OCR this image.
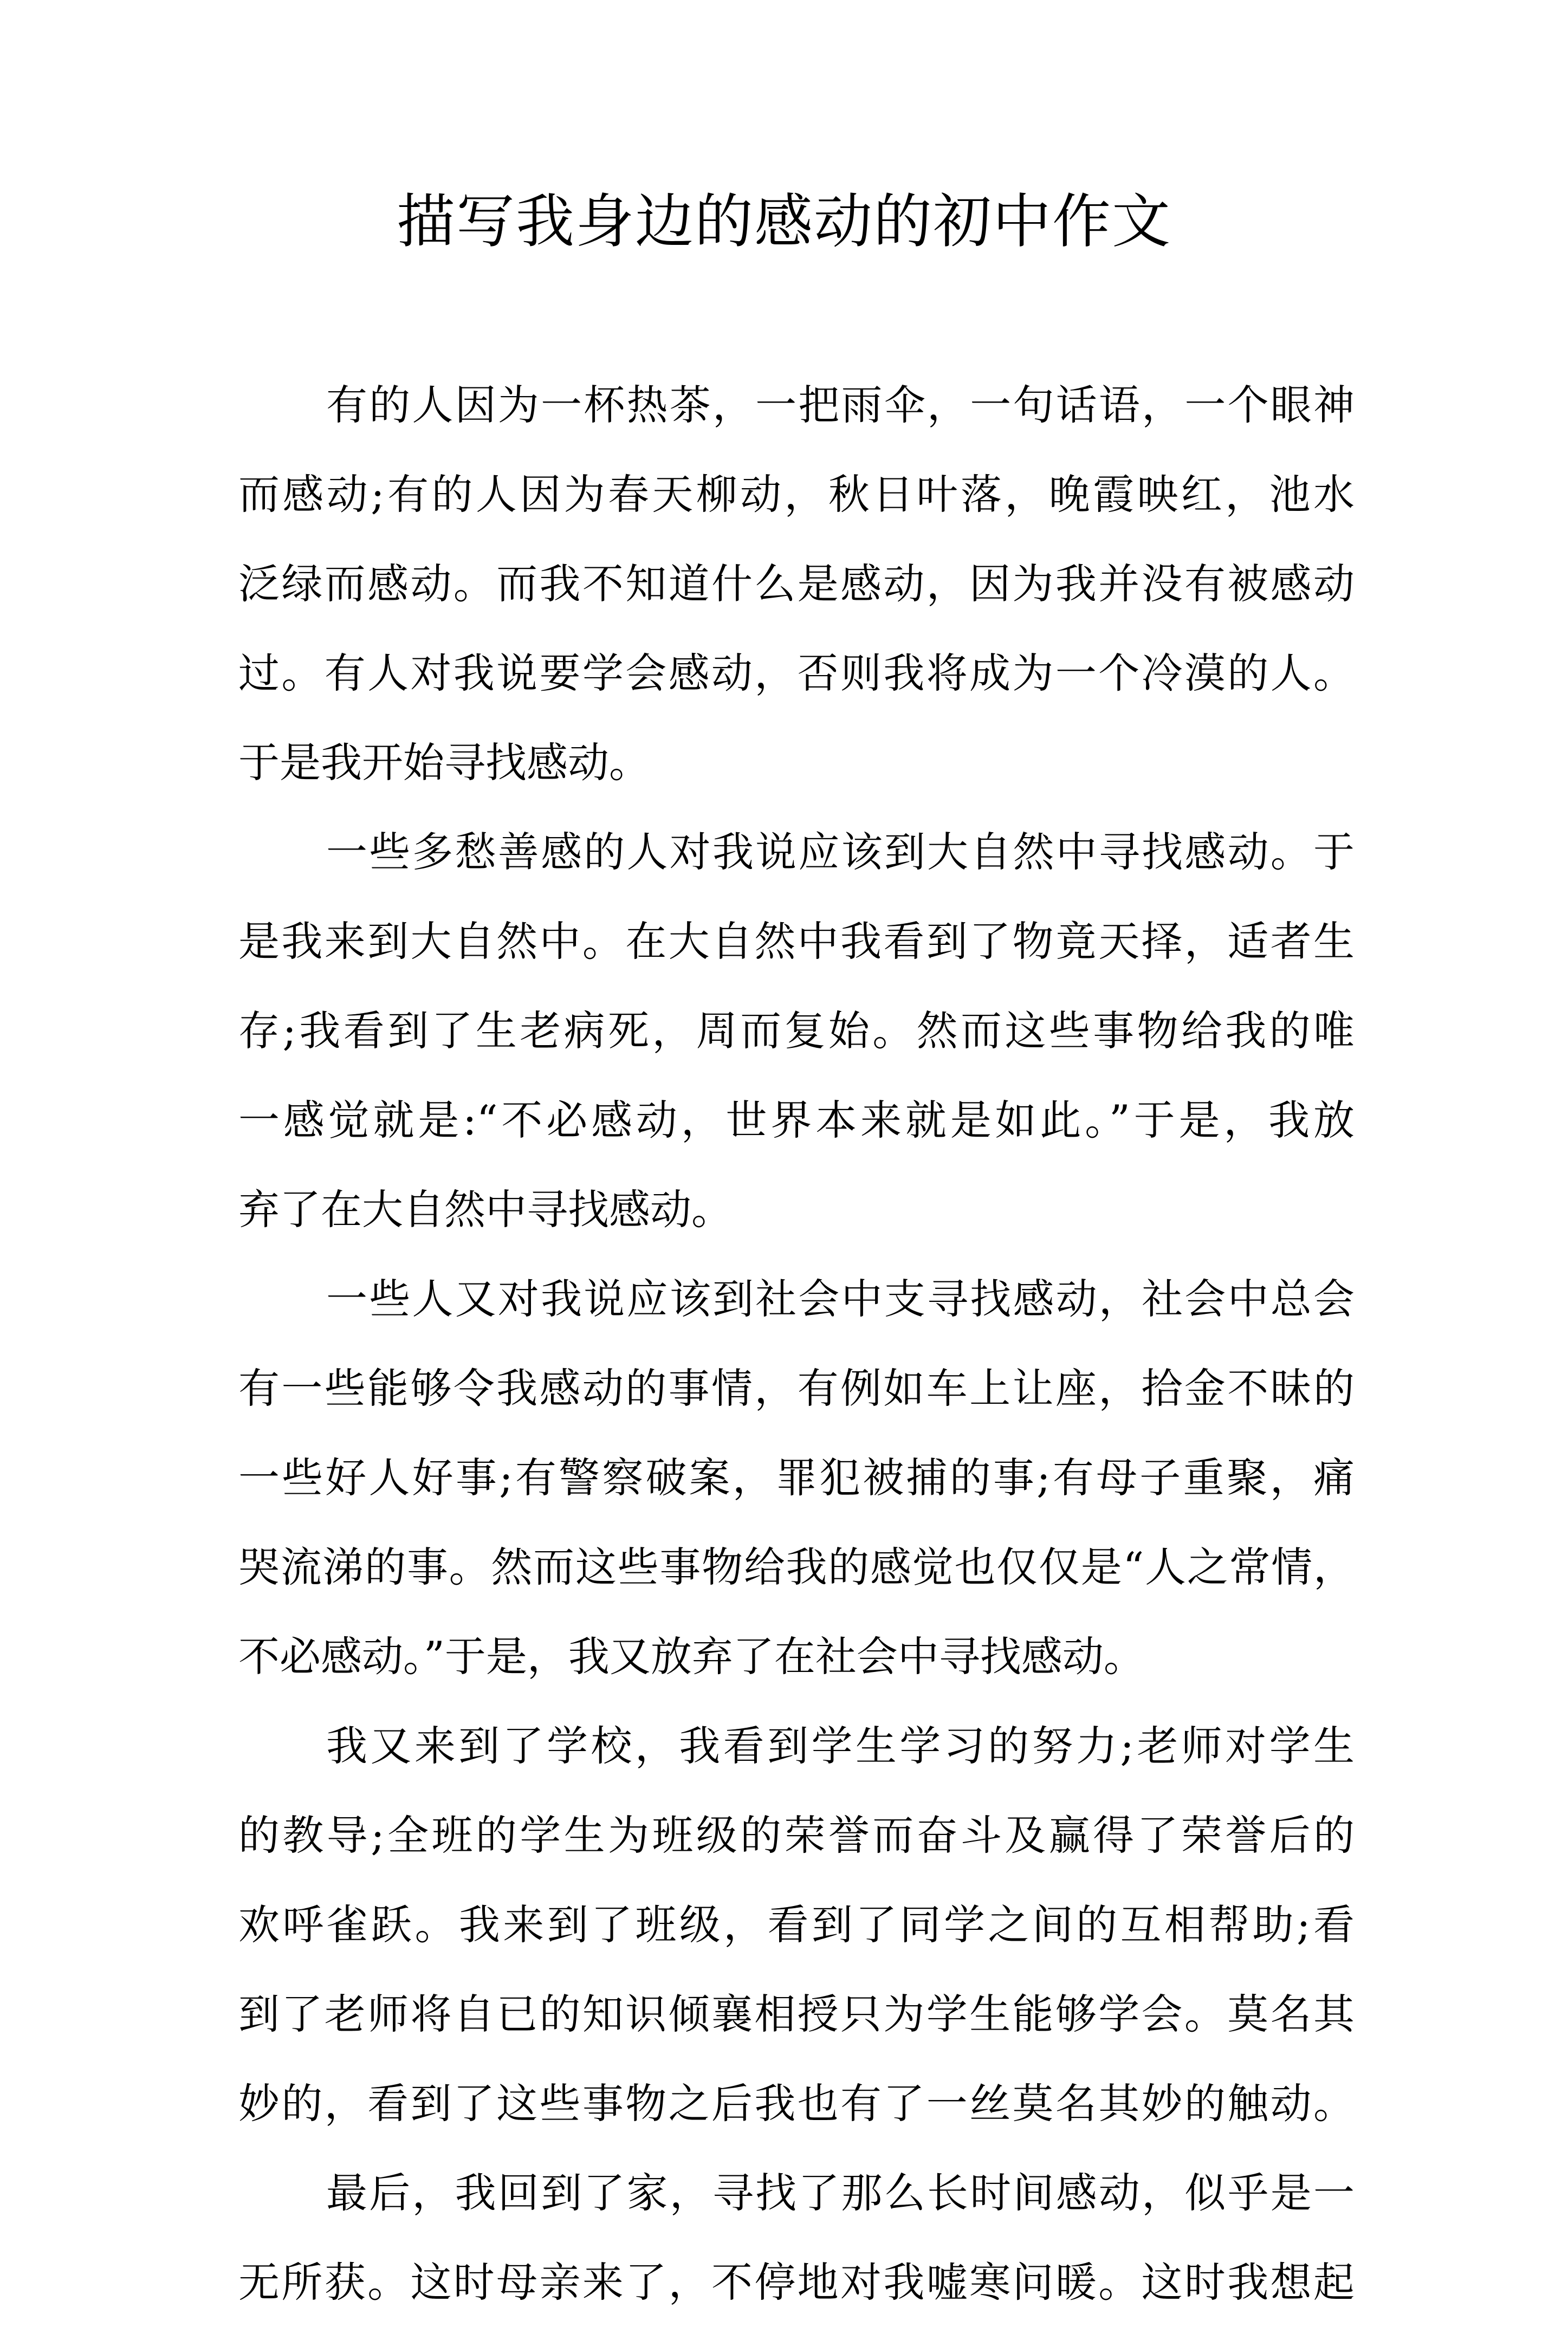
描写我身边的感动的初中作文
有的人因为一杯热茶，一把雨伞，一句话语，一个眼神
而感动;有的人因为春天柳动，秋日叶落，晚霞映红，池水
泛绿而感动。而我不知道什么是感动，因为我并没有被感动
过。有人对我说要学会感动，否则我将成为一个冷漠的人。
于是我开始寻找感动。
一些多愁善感的人对我说应该到大自然中寻找感动。于
是我来到大自然中。在大自然中我看到了物竟天择，适者生
存;我看到了生老病死，周而复始。然而这些事物给我的唯
一感觉就是:“不必感动，世界本来就是如此。”于是，我放
弃了在大自然中寻找感动。
一些人又对我说应该到社会中支寻找感动，社会中总会
有一些能够令我感动的事情，有例如车上让座，拾金不昧的
一些好人好事;有警察破案，罪犯被捕的事;有母子重聚，痛
哭流涕的事。然而这些事物给我的感觉也仅仅是“人之常情，
不必感动。”于是，我又放弃了在社会中寻找感动。
我又来到了学校，我看到学生学习的努力;老师对学生
的教导;全班的学生为班级的荣誉而奋斗及赢得了荣誉后的
欢呼雀跃。我来到了班级，看到了同学之间的互相帮助;看
到了老师将自已的知识倾襄相授只为学生能够学会。莫名其
妙的，看到了这些事物之后我也有了一丝莫名其妙的触动。
最后，我回到了家，寻找了那么长时间感动，似乎是一
无所获。这时母亲来了，不停地对我嘘寒问暖。这时我想起
